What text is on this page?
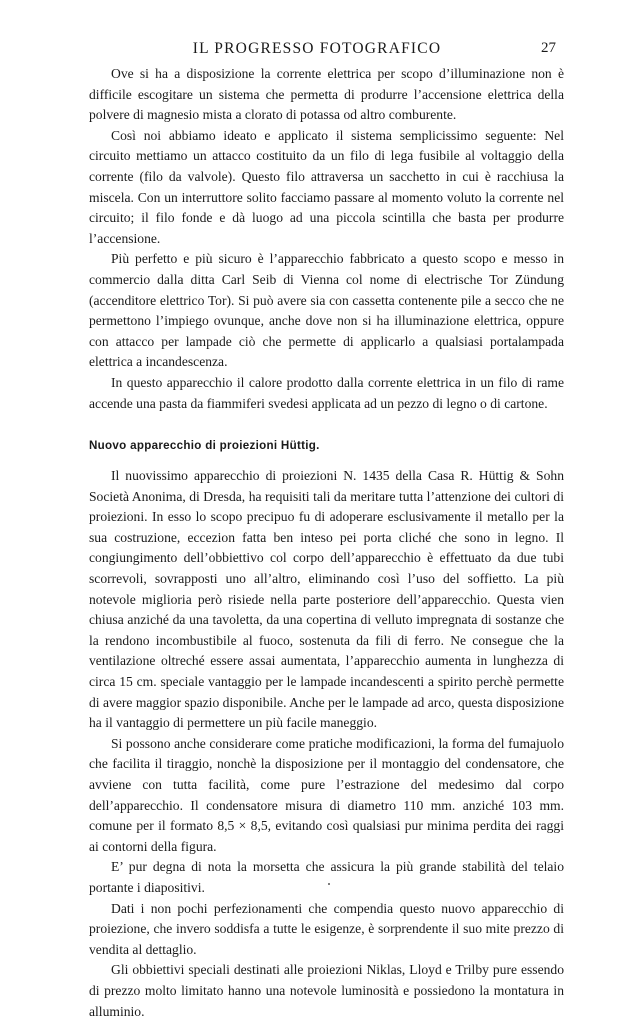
IL PROGRESSO FOTOGRAFICO	27

Ove si ha a disposizione la corrente elettrica per scopo d’illuminazione non è difficile escogitare un sistema che permetta di produrre l’accensione elettrica della polvere di magnesio mista a clorato di potassa od altro comburente.

Così noi abbiamo ideato e applicato il sistema semplicissimo seguente: Nel circuito mettiamo un attacco costituito da un filo di lega fusibile al voltaggio della corrente (filo da valvole). Questo filo attraversa un sacchetto in cui è racchiusa la miscela. Con un interruttore solito facciamo passare al momento voluto la corrente nel circuito; il filo fonde e dà luogo ad una piccola scintilla che basta per produrre l’accensione.

Più perfetto e più sicuro è l’apparecchio fabbricato a questo scopo e messo in commercio dalla ditta Carl Seib di Vienna col nome di electrische Tor Zündung (accenditore elettrico Tor). Si può avere sia con cassetta contenente pile a secco che ne permettono l’impiego ovunque, anche dove non si ha illuminazione elettrica, oppure con attacco per lampade ciò che permette di applicarlo a qualsiasi portalampada elettrica a incandescenza.

In questo apparecchio il calore prodotto dalla corrente elettrica in un filo di rame accende una pasta da fiammiferi svedesi applicata ad un pezzo di legno o di cartone.

Nuovo apparecchio di proiezioni Hüttig.

Il nuovissimo apparecchio di proiezioni N. 1435 della Casa R. Hüttig & Sohn Società Anonima, di Dresda, ha requisiti tali da meritare tutta l’attenzione dei cultori di proiezioni. In esso lo scopo precipuo fu di adoperare esclusivamente il metallo per la sua costruzione, eccezion fatta ben inteso pei porta cliché che sono in legno. Il congiungimento dell’obbiettivo col corpo dell’apparecchio è effettuato da due tubi scorrevoli, sovrapposti uno all’altro, eliminando così l’uso del soffietto. La più notevole miglioria però risiede nella parte posteriore dell’apparecchio. Questa vien chiusa anziché da una tavoletta, da una copertina di velluto impregnata di sostanze che la rendono incombustibile al fuoco, sostenuta da fili di ferro. Ne consegue che la ventilazione oltreché essere assai aumentata, l’apparecchio aumenta in lunghezza di circa 15 cm. speciale vantaggio per le lampade incandescenti a spirito perchè permette di avere maggior spazio disponibile. Anche per le lampade ad arco, questa disposizione ha il vantaggio di permettere un più facile maneggio.

Si possono anche considerare come pratiche modificazioni, la forma del fumajuolo che facilita il tiraggio, nonchè la disposizione per il montaggio del condensatore, che avviene con tutta facilità, come pure l’estrazione del medesimo dal corpo dell’apparecchio. Il condensatore misura di diametro 110 mm. anziché 103 mm. comune per il formato 8,5 × 8,5, evitando così qualsiasi pur minima perdita dei raggi ai contorni della figura.

E’ pur degna di nota la morsetta che assicura la più grande stabilità del telaio portante i diapositivi.

Dati i non pochi perfezionamenti che compendia questo nuovo apparecchio di proiezione, che invero soddisfa a tutte le esigenze, è sorprendente il suo mite prezzo di vendita al dettaglio.

Gli obbiettivi speciali destinati alle proiezioni Niklas, Lloyd e Trilby pure essendo di prezzo molto limitato hanno una notevole luminosità e possiedono la montatura in alluminio.
